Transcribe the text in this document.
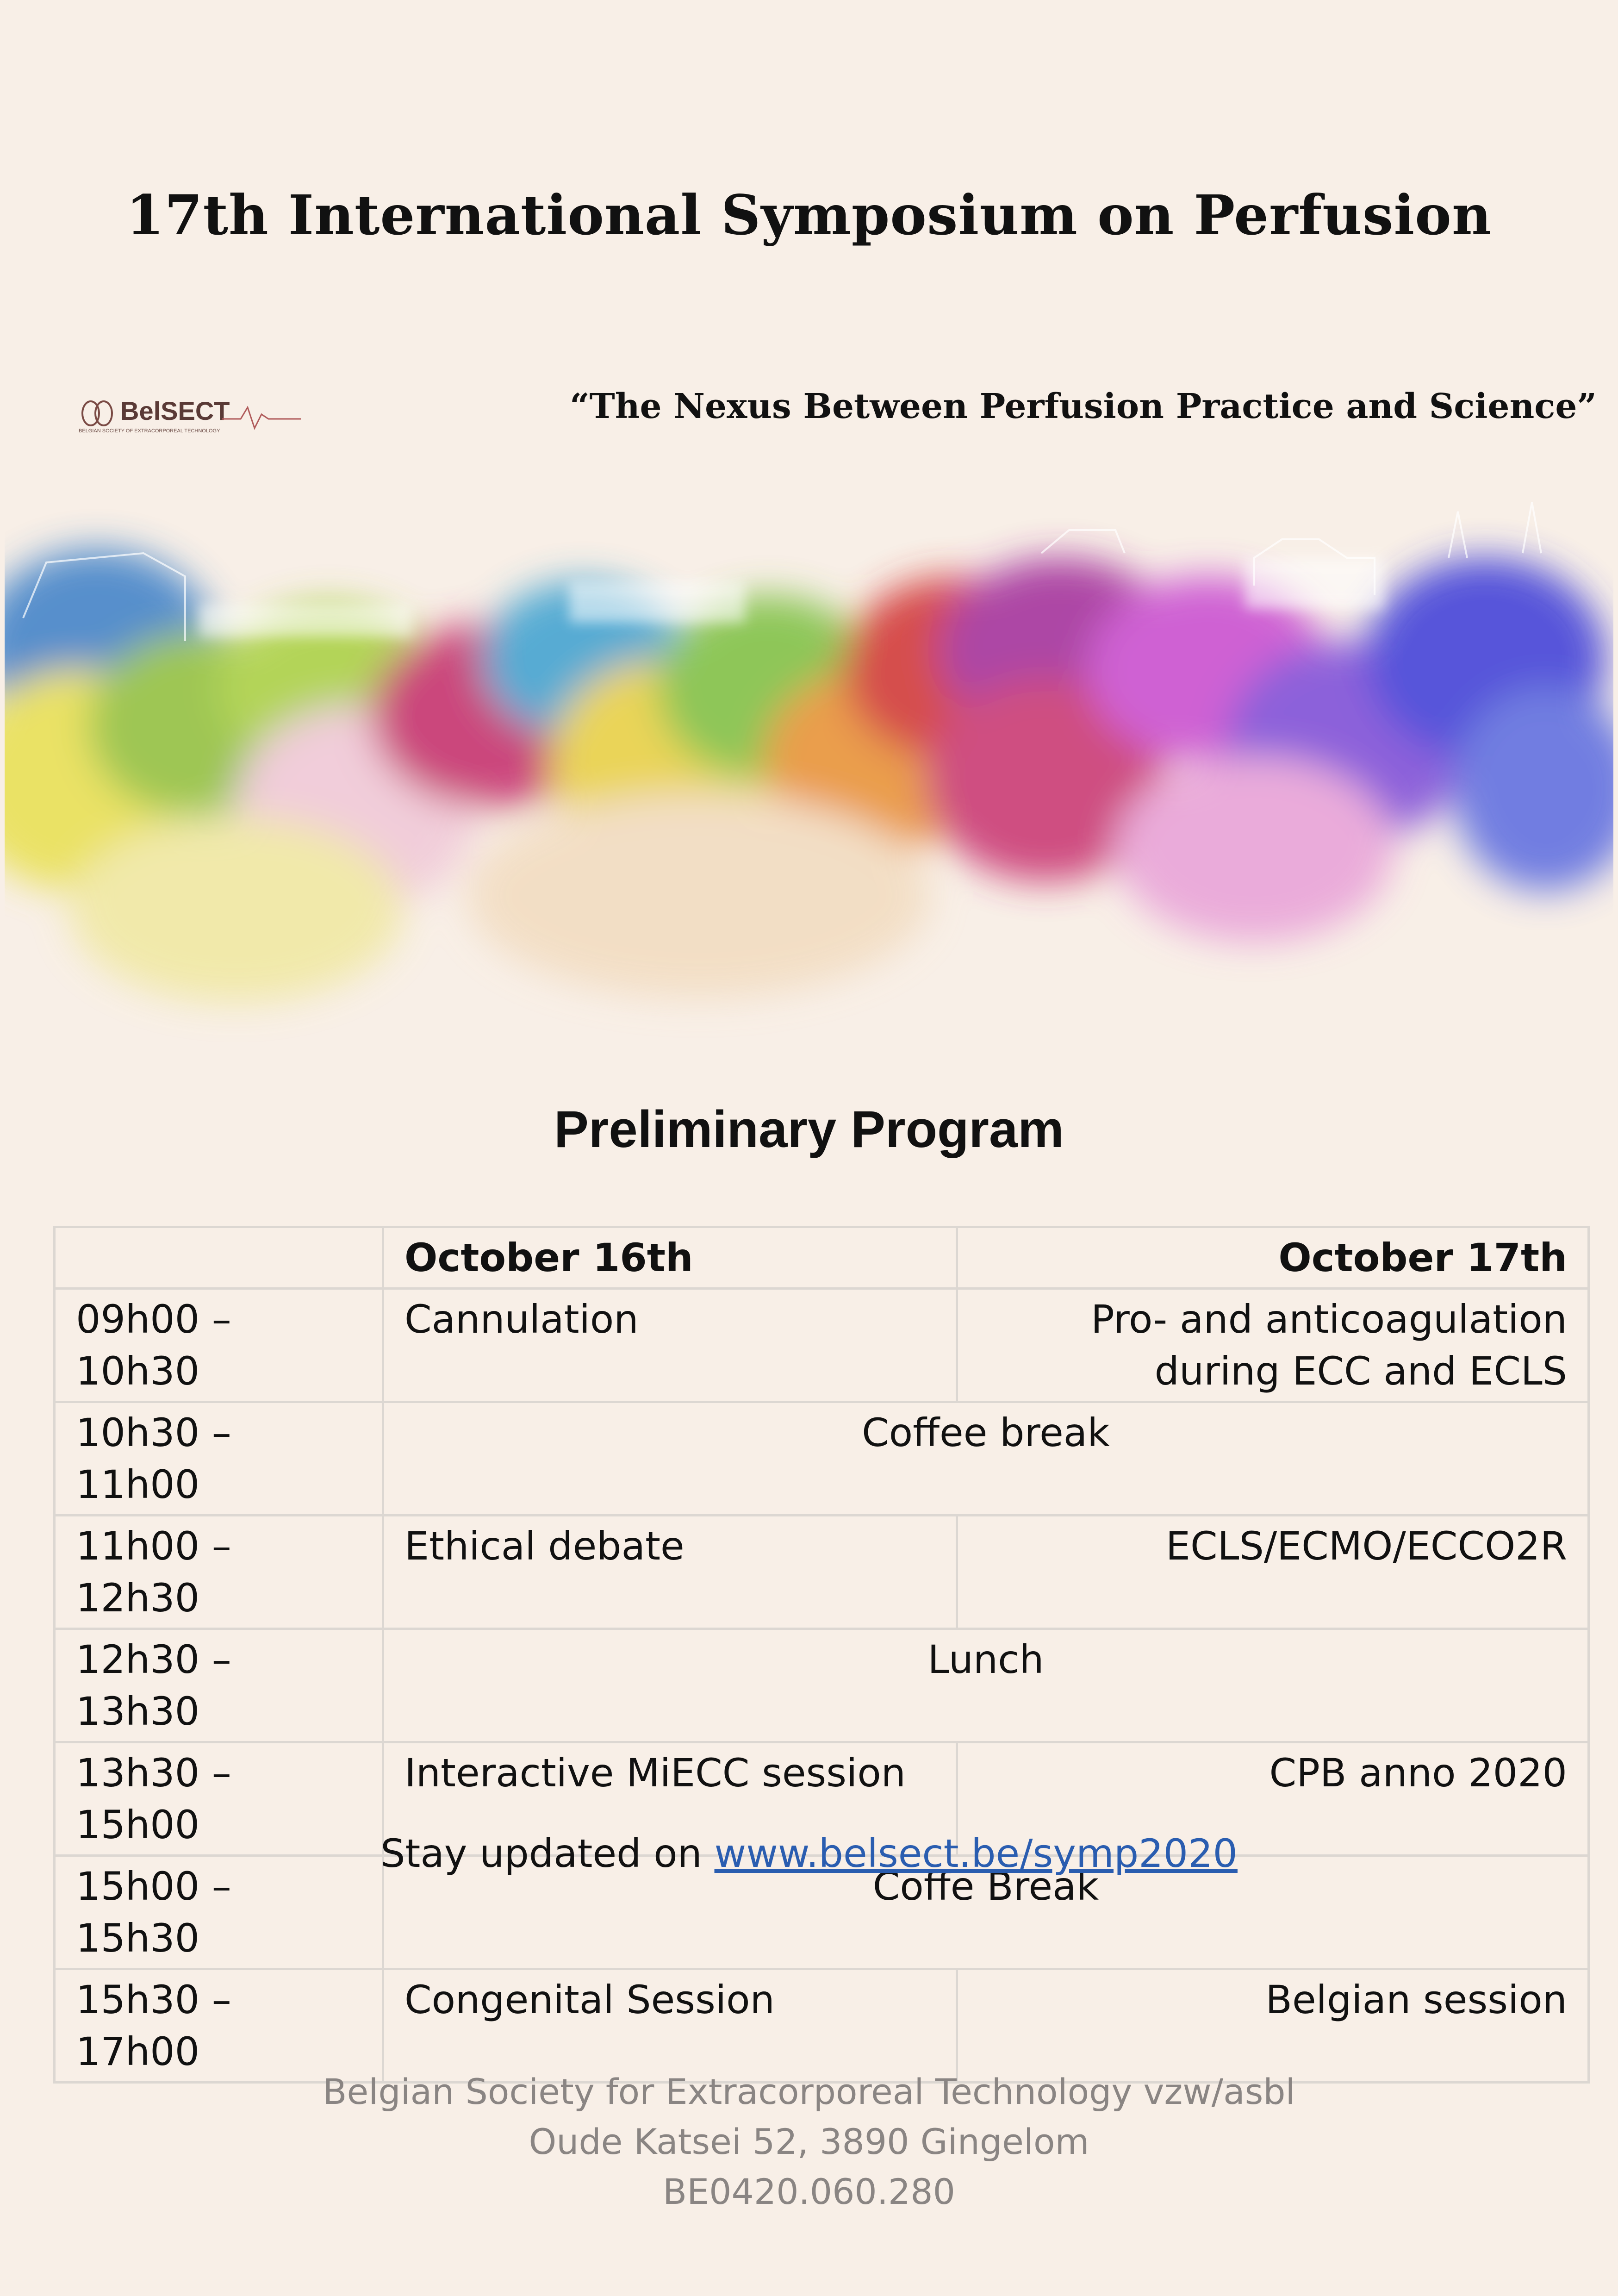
17th International Symposium on Perfusion
BelSECT
BELGIAN SOCIETY OF EXTRACORPOREAL TECHNOLOGY
“The Nexus Between Perfusion Practice and Science”
Preliminary Program
	October 16th	October 17th
09h00 – 10h30	Cannulation	Pro- and anticoagulation
during ECC and ECLS

10h30 – 11h00	Coffee break	
11h00 – 12h30	Ethical debate	ECLS/ECMO/ECCO2R
12h30 – 13h30	Lunch	
13h30 – 15h00	Interactive MiECC session	CPB anno 2020
15h00 – 15h30	Coffe Break	
15h30 – 17h00	Congenital Session	Belgian session
Stay updated on www.belsect.be/symp2020
Belgian Society for Extracorporeal Technology vzw/asbl
Oude Katsei 52, 3890 Gingelom
BE0420.060.280
